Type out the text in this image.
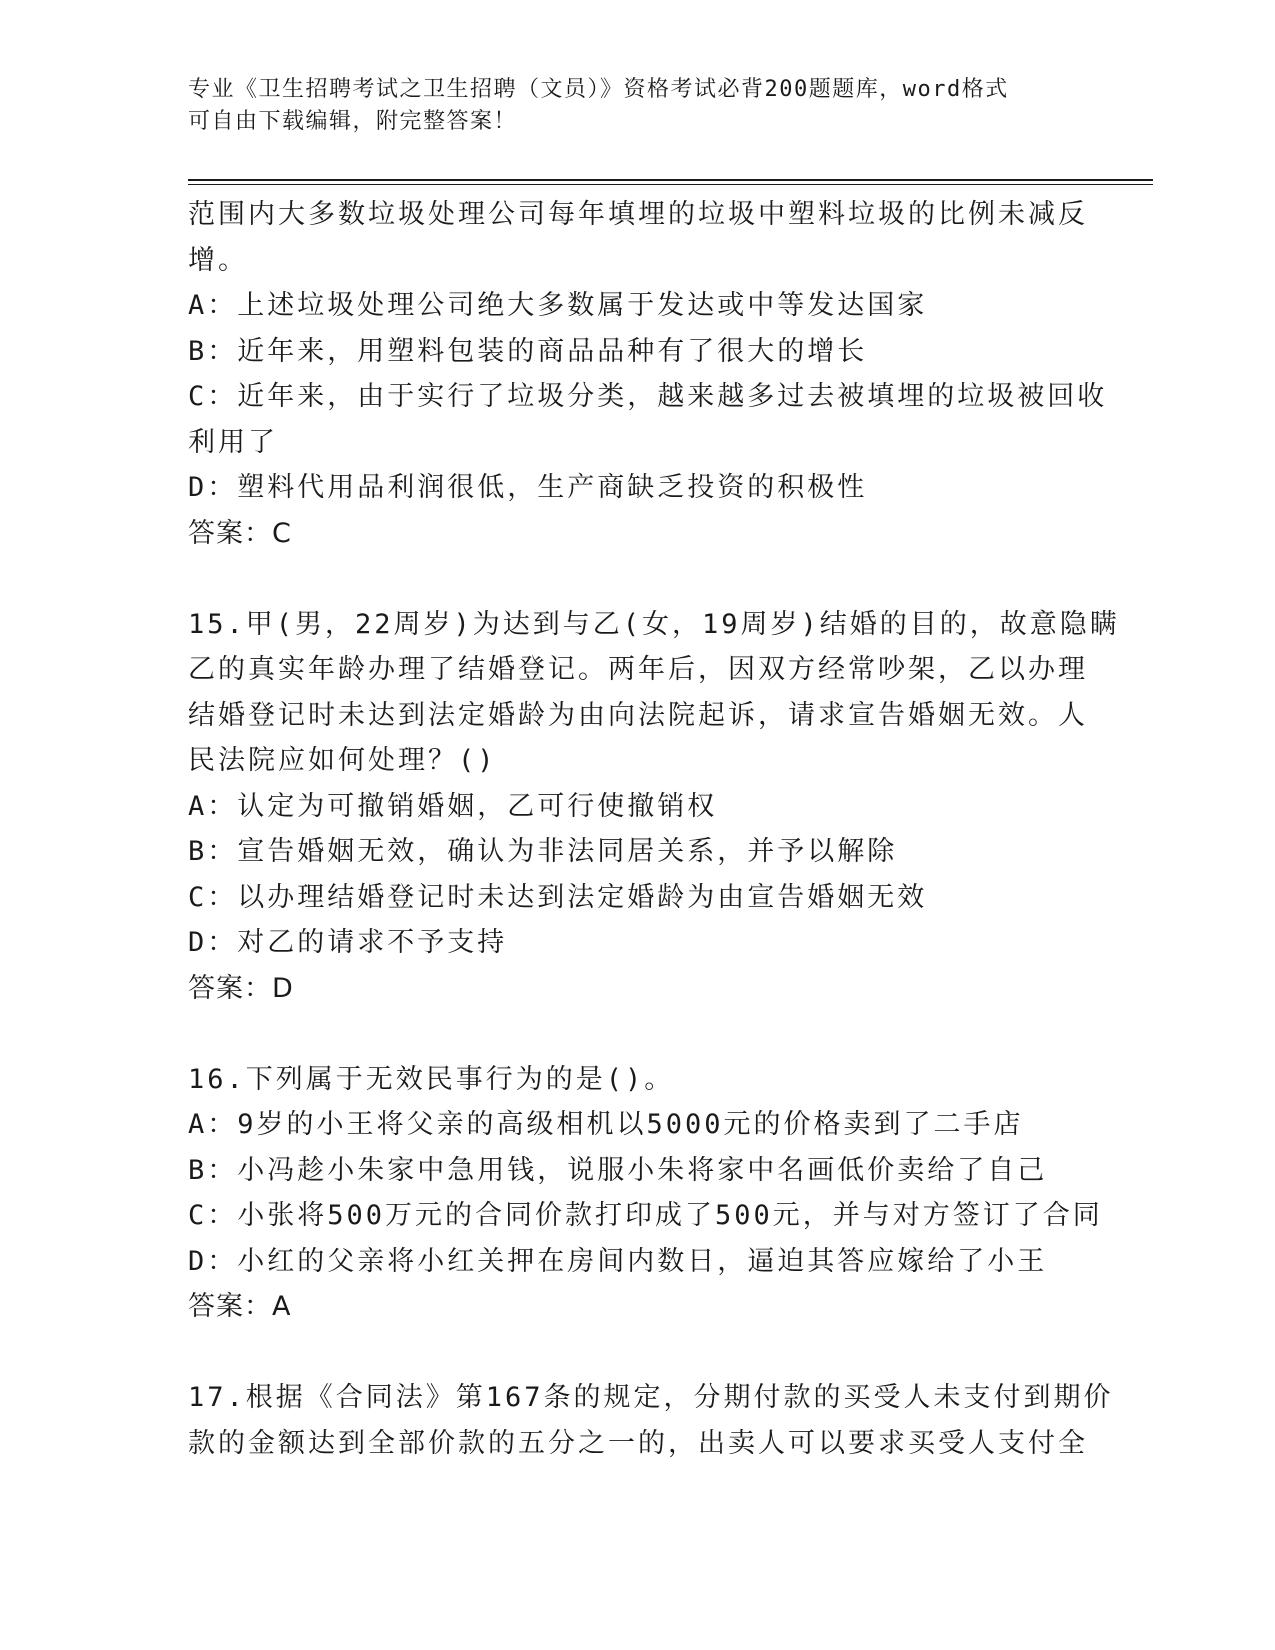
专业《卫生招聘考试之卫生招聘（文员）》资格考试必背200题题库，word格式
可自由下载编辑，附完整答案！
范围内大多数垃圾处理公司每年填埋的垃圾中塑料垃圾的比例未减反
增。
A：上述垃圾处理公司绝大多数属于发达或中等发达国家
B：近年来，用塑料包装的商品品种有了很大的增长
C：近年来，由于实行了垃圾分类，越来越多过去被填埋的垃圾被回收
利用了
D：塑料代用品利润很低，生产商缺乏投资的积极性
答案：C
15.甲(男，22周岁)为达到与乙(女，19周岁)结婚的目的，故意隐瞒
乙的真实年龄办理了结婚登记。两年后，因双方经常吵架，乙以办理
结婚登记时未达到法定婚龄为由向法院起诉，请求宣告婚姻无效。人
民法院应如何处理？()
A：认定为可撤销婚姻，乙可行使撤销权
B：宣告婚姻无效，确认为非法同居关系，并予以解除
C：以办理结婚登记时未达到法定婚龄为由宣告婚姻无效
D：对乙的请求不予支持
答案：D
16.下列属于无效民事行为的是()。
A：9岁的小王将父亲的高级相机以5000元的价格卖到了二手店
B：小冯趁小朱家中急用钱，说服小朱将家中名画低价卖给了自己
C：小张将500万元的合同价款打印成了500元，并与对方签订了合同
D：小红的父亲将小红关押在房间内数日，逼迫其答应嫁给了小王
答案：A
17.根据《合同法》第167条的规定，分期付款的买受人未支付到期价
款的金额达到全部价款的五分之一的，出卖人可以要求买受人支付全
